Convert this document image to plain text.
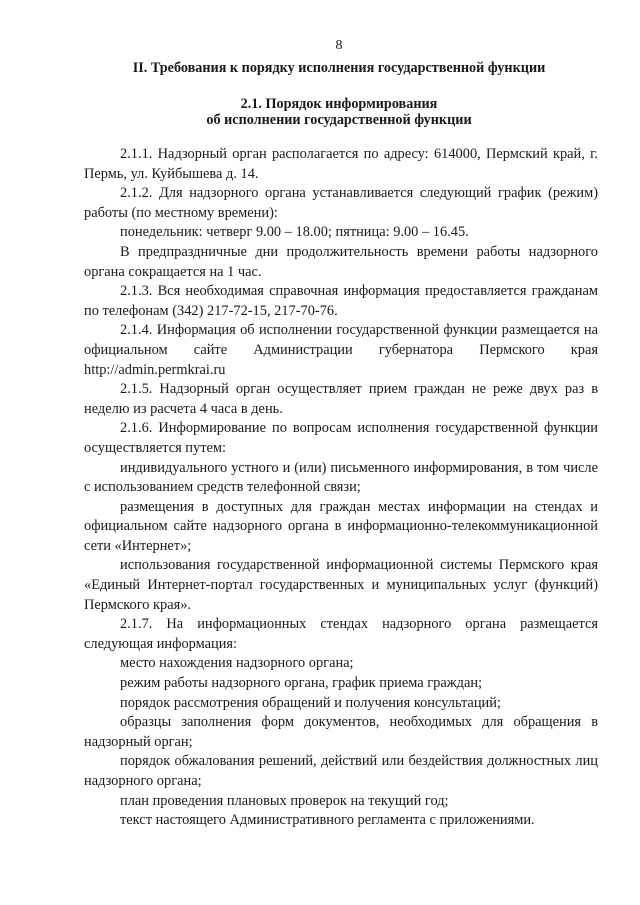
8
II. Требования к порядку исполнения государственной функции
2.1. Порядок информирования
об исполнении государственной функции

2.1.1. Надзорный орган располагается по адресу: 614000, Пермский край, г. Пермь, ул. Куйбышева д. 14.

2.1.2. Для надзорного органа устанавливается следующий график (режим) работы (по местному времени):

понедельник: четверг 9.00 – 18.00; пятница: 9.00 – 16.45.

В предпраздничные дни продолжительность времени работы надзорного органа сокращается на 1 час.

2.1.3. Вся необходимая справочная информация предоставляется гражданам по телефонам (342) 217-72-15, 217-70-76.

2.1.4. Информация об исполнении государственной функции размещается на официальном сайте Администрации губернатора Пермского края http://admin.permkrai.ru

2.1.5. Надзорный орган осуществляет прием граждан не реже двух раз в неделю из расчета 4 часа в день.

2.1.6. Информирование по вопросам исполнения государственной функции осуществляется путем:

индивидуального устного и (или) письменного информирования, в том числе с использованием средств телефонной связи;

размещения в доступных для граждан местах информации на стендах и официальном сайте надзорного органа в информационно-телекоммуникационной сети «Интернет»;

использования государственной информационной системы Пермского края «Единый Интернет-портал государственных и муниципальных услуг (функций) Пермского края».

2.1.7. На информационных стендах надзорного органа размещается следующая информация:

место нахождения надзорного органа;

режим работы надзорного органа, график приема граждан;

порядок рассмотрения обращений и получения консультаций;

образцы заполнения форм документов, необходимых для обращения в надзорный орган;

порядок обжалования решений, действий или бездействия должностных лиц надзорного органа;

план проведения плановых проверок на текущий год;

текст настоящего Административного регламента с приложениями.
